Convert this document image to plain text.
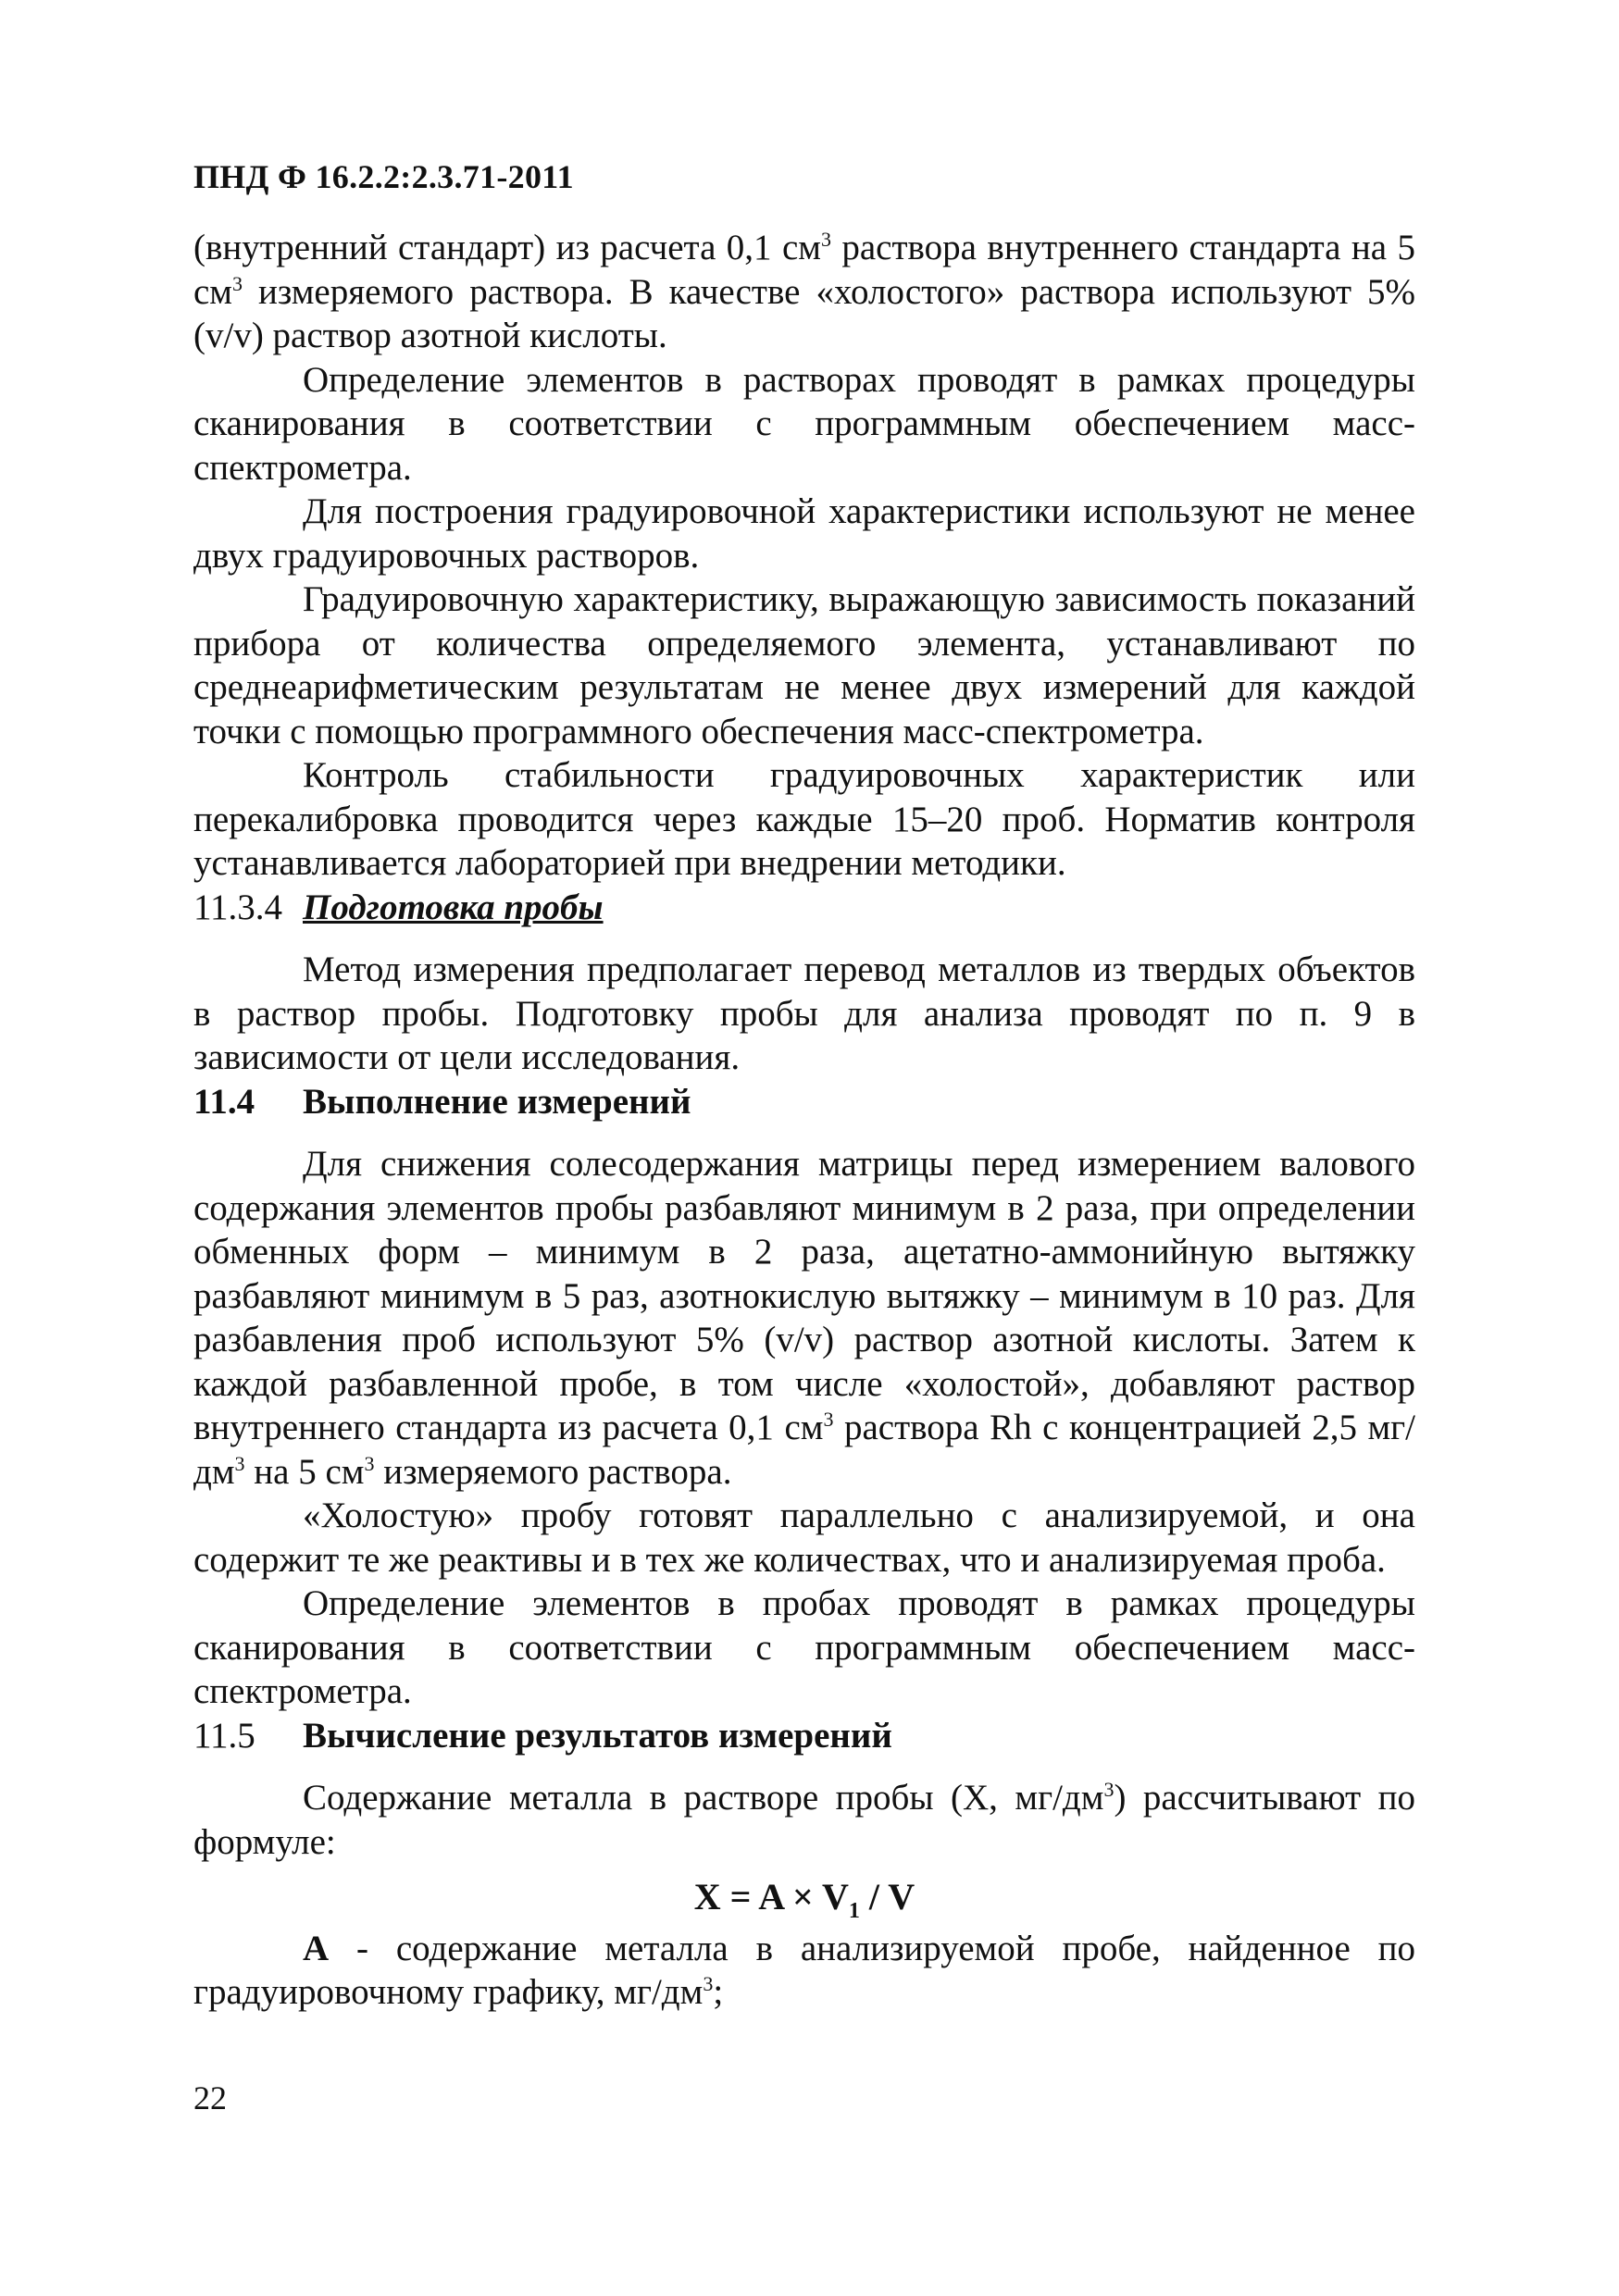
ПНД Ф 16.2.2:2.3.71-2011

(внутренний стандарт) из расчета 0,1 $см^3$ раствора внутреннего стандарта на 5 $см^3$ измеряемого раствора. В качестве «холостого» раствора используют 5% (v/v) раствор азотной кислоты.

Определение элементов в растворах проводят в рамках процедуры сканирования в соответствии с программным обеспечением масс-спектрометра.

Для построения градуировочной характеристики используют не менее двух градуировочных растворов.

Градуировочную характеристику, выражающую зависимость показаний прибора от количества определяемого элемента, устанавливают по среднеарифметическим результатам не менее двух измерений для каждой точки с помощью программного обеспечения масс-спектрометра.

Контроль стабильности градуировочных характеристик или перекалибровка проводится через каждые 15–20 проб. Норматив контроля устанавливается лабораторией при внедрении методики.

11.3.4 Подготовка пробы

Метод измерения предполагает перевод металлов из твердых объектов в раствор пробы. Подготовку пробы для анализа проводят по п. 9 в зависимости от цели исследования.

11.4 Выполнение измерений

Для снижения солесодержания матрицы перед измерением валового содержания элементов пробы разбавляют минимум в 2 раза, при определении обменных форм – минимум в 2 раза, ацетатно-аммонийную вытяжку разбавляют минимум в 5 раз, азотнокислую вытяжку – минимум в 10 раз. Для разбавления проб используют 5% (v/v) раствор азотной кислоты. Затем к каждой разбавленной пробе, в том числе «холостой», добавляют раствор внутреннего стандарта из расчета 0,1 $см^3$ раствора Rh с концентрацией 2,5 $мг/дм^3$ на 5 $см^3$ измеряемого раствора.

«Холостую» пробу готовят параллельно с анализируемой, и она содержит те же реактивы и в тех же количествах, что и анализируемая проба.

Определение элементов в пробах проводят в рамках процедуры сканирования в соответствии с программным обеспечением масс-спектрометра.

11.5 Вычисление результатов измерений

Содержание металла в растворе пробы (X, $мг/дм^3$) рассчитывают по формуле:

$X = A \times V_1 / V$

А - содержание металла в анализируемой пробе, найденное по градуировочному графику, $мг/дм^3$;

22
